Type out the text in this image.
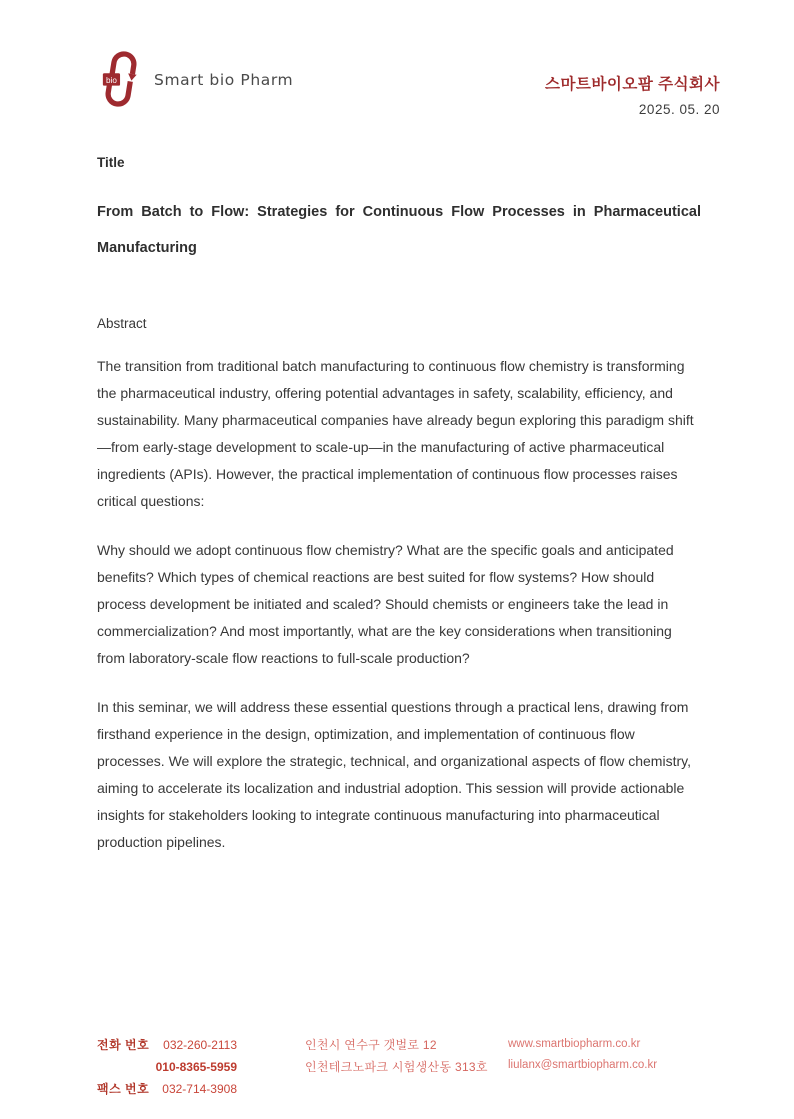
bio Smart bio Pharm	스마트바이오팜 주식회사
2025. 05. 20
Title
From Batch to Flow: Strategies for Continuous Flow Processes in Pharmaceutical Manufacturing
Abstract

The transition from traditional batch manufacturing to continuous flow chemistry is transforming the pharmaceutical industry, offering potential advantages in safety, scalability, efficiency, and sustainability. Many pharmaceutical companies have already begun exploring this paradigm shift—from early-stage development to scale-up—in the manufacturing of active pharmaceutical ingredients (APIs). However, the practical implementation of continuous flow processes raises critical questions:

Why should we adopt continuous flow chemistry? What are the specific goals and anticipated benefits? Which types of chemical reactions are best suited for flow systems? How should process development be initiated and scaled? Should chemists or engineers take the lead in commercialization? And most importantly, what are the key considerations when transitioning from laboratory-scale flow reactions to full-scale production?

In this seminar, we will address these essential questions through a practical lens, drawing from firsthand experience in the design, optimization, and implementation of continuous flow processes. We will explore the strategic, technical, and organizational aspects of flow chemistry, aiming to accelerate its localization and industrial adoption. This session will provide actionable insights for stakeholders looking to integrate continuous manufacturing into pharmaceutical production pipelines.

전화 번호 032-260-2113
010-8365-5959
팩스 번호 032-714-3908
인천시 연수구 갯벌로 12
인천테크노파크 시험생산동 313호
www.smartbiopharm.co.kr
liulanx@smartbiopharm.co.kr
